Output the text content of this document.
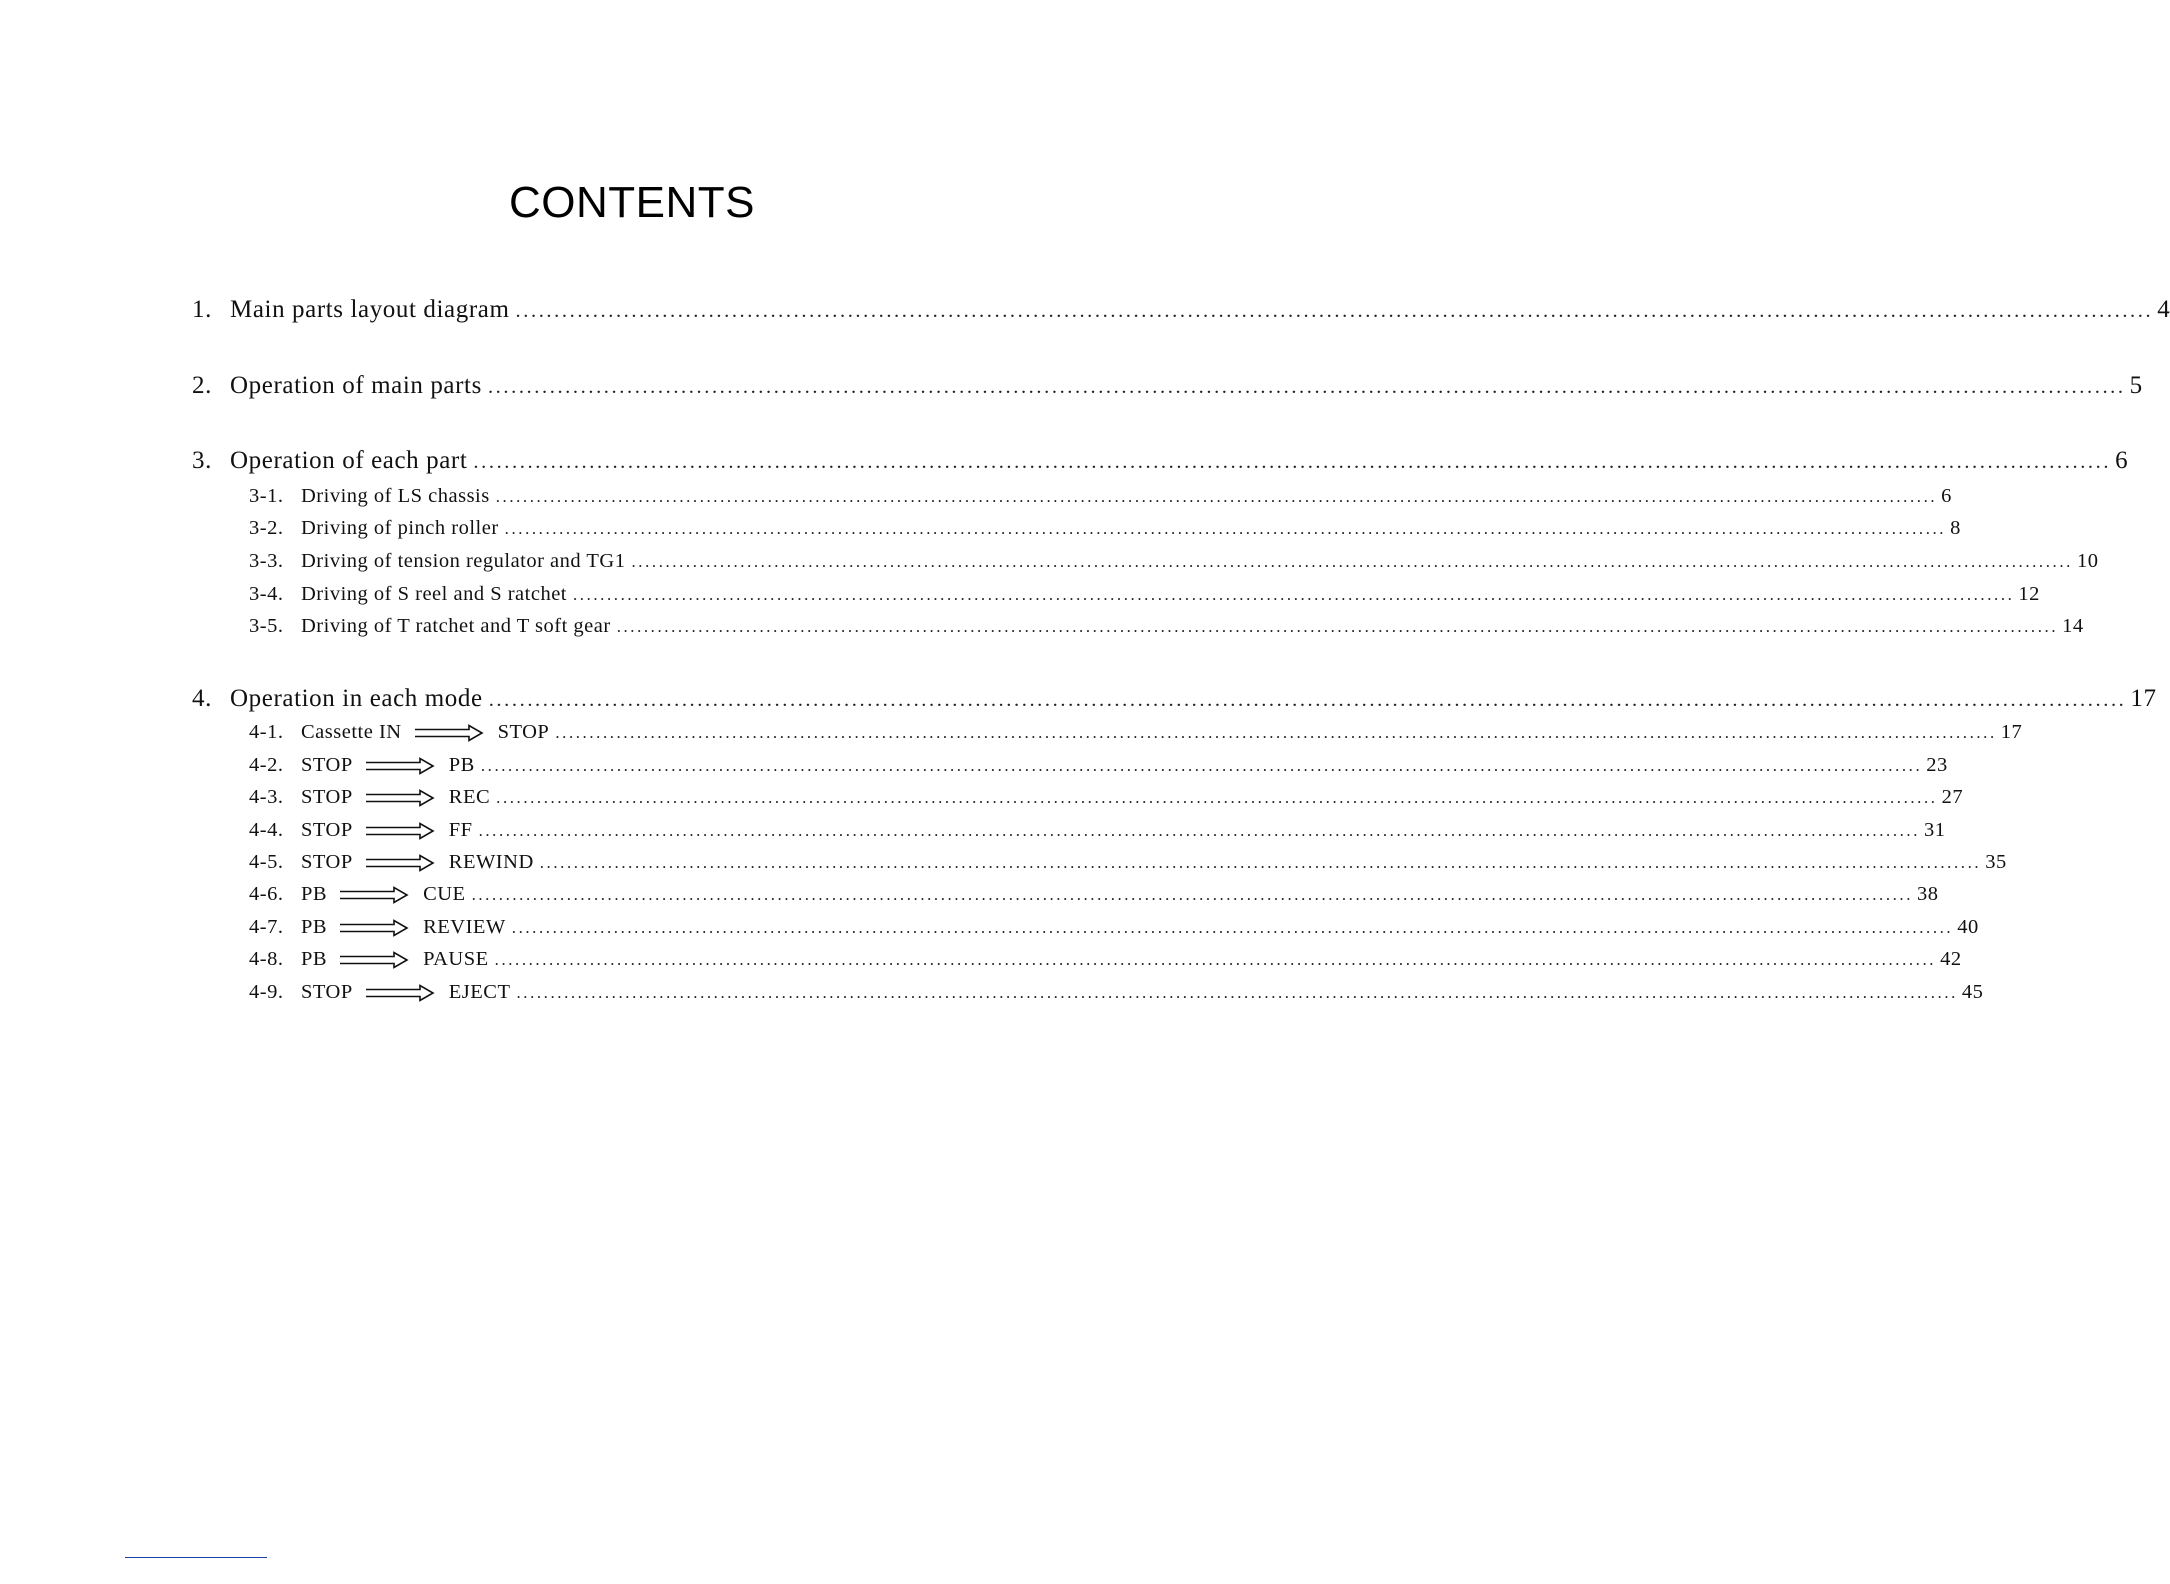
CONTENTS
1. Main parts layout diagram .................................................................................................................................................................................................................... 4
2. Operation of main parts .................................................................................................................................................................................................................... 5
3. Operation of each part .................................................................................................................................................................................................................... 6
3-1. Driving of LS chassis .................................................................................................................................................................................................................... 6
3-2. Driving of pinch roller .................................................................................................................................................................................................................... 8
3-3. Driving of tension regulator and TG1 .................................................................................................................................................................................................................... 10
3-4. Driving of S reel and S ratchet .................................................................................................................................................................................................................... 12
3-5. Driving of T ratchet and T soft gear .................................................................................................................................................................................................................... 14
4. Operation in each mode .................................................................................................................................................................................................................... 17
4-1. Cassette IN	STOP .................................................................................................................................................................................................................... 17
4-2. STOP	PB .................................................................................................................................................................................................................... 23
4-3. STOP	REC .................................................................................................................................................................................................................... 27
4-4. STOP	FF .................................................................................................................................................................................................................... 31
4-5. STOP	REWIND .................................................................................................................................................................................................................... 35
4-6. PB	CUE .................................................................................................................................................................................................................... 38
4-7. PB	REVIEW .................................................................................................................................................................................................................... 40
4-8. PB	PAUSE .................................................................................................................................................................................................................... 42
4-9. STOP	EJECT .................................................................................................................................................................................................................... 45
